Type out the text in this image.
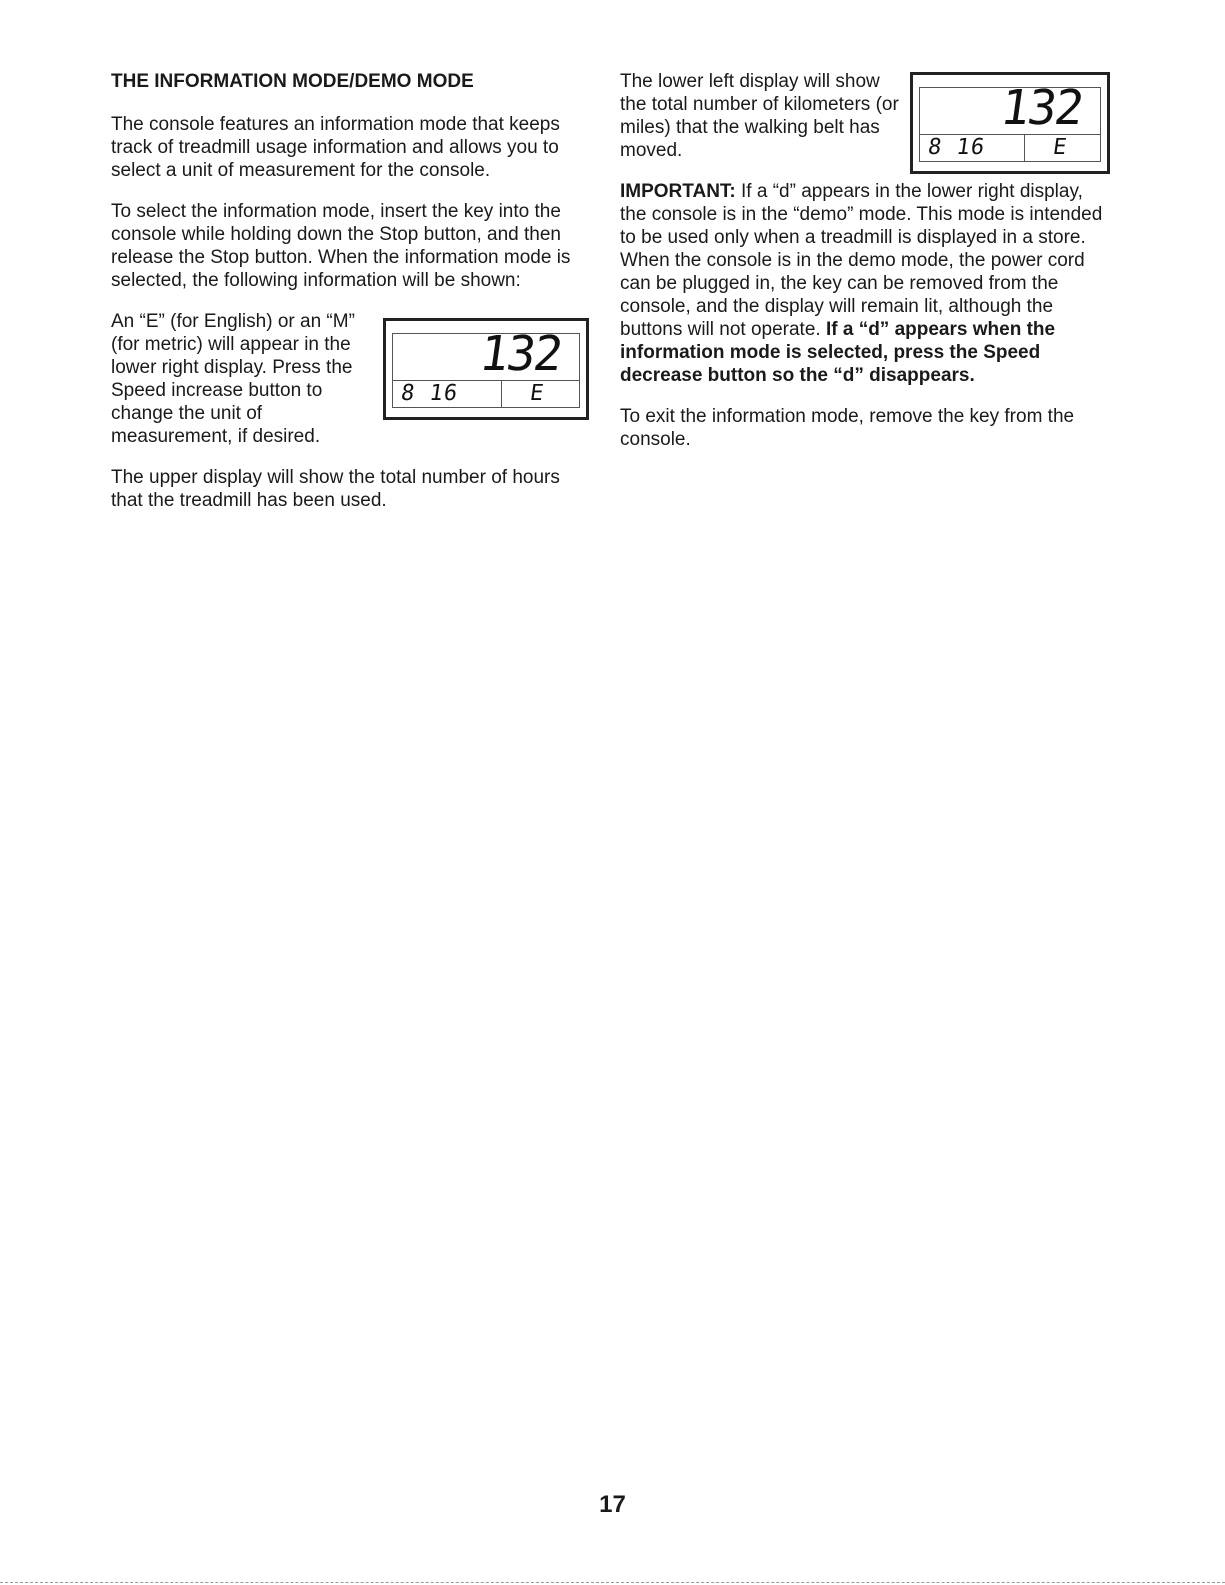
THE INFORMATION MODE/DEMO MODE

The console features an information mode that keeps track of treadmill usage information and allows you to select a unit of measurement for the console.

To select the information mode, insert the key into the console while holding down the Stop button, and then release the Stop button. When the information mode is selected, the following information will be shown:

An “E” (for English) or an “M” (for metric) will appear in the lower right display. Press the Speed increase button to change the unit of measurement, if desired.

132
8 16	E

The upper display will show the total number of hours that the treadmill has been used.

The lower left display will show the total number of kilometers (or miles) that the walking belt has moved.

132
8 16	E

IMPORTANT: If a “d” appears in the lower right display, the console is in the “demo” mode. This mode is intended to be used only when a treadmill is displayed in a store. When the console is in the demo mode, the power cord can be plugged in, the key can be removed from the console, and the display will remain lit, although the buttons will not operate. If a “d” appears when the information mode is selected, press the Speed decrease button so the “d” disappears.

To exit the information mode, remove the key from the console.

17
